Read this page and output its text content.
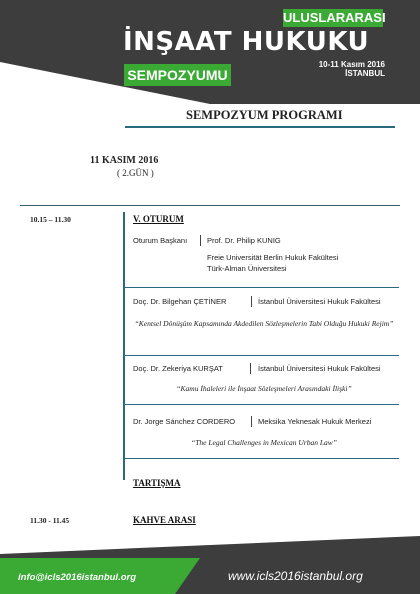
ULUSLARARASI
İNŞAAT HUKUKU
SEMPOZYUMU
10-11 Kasım 2016
İSTANBUL
SEMPOZYUM PROGRAMI
11 KASIM 2016
( 2.GÜN )
10.15 – 11.30	V. OTURUM
Oturum Başkanı	Prof. Dr. Philip KUNIG
Freie Universität Berlin Hukuk Fakültesi
Türk-Alman Üniversitesi
Doç. Dr. Bilgehan ÇETİNER	İstanbul Üniversitesi Hukuk Fakültesi
“Kentsel Dönüşüm Kapsamında Akdedilen Sözleşmelerin Tabi Olduğu Hukuki Rejim”
Doç. Dr. Zekeriya KURŞAT	İstanbul Üniversitesi Hukuk Fakültesi
“Kamu İhaleleri ile İnşaat Sözleşmeleri Arasındaki İlişki”
Dr. Jorge Sánchez CORDERO	Meksika Yeknesak Hukuk Merkezi
“The Legal Challenges in Mexican Urban Law”
TARTIŞMA
11.30 - 11.45	KAHVE ARASI
info@icls2016istanbul.org	www.icls2016istanbul.org
